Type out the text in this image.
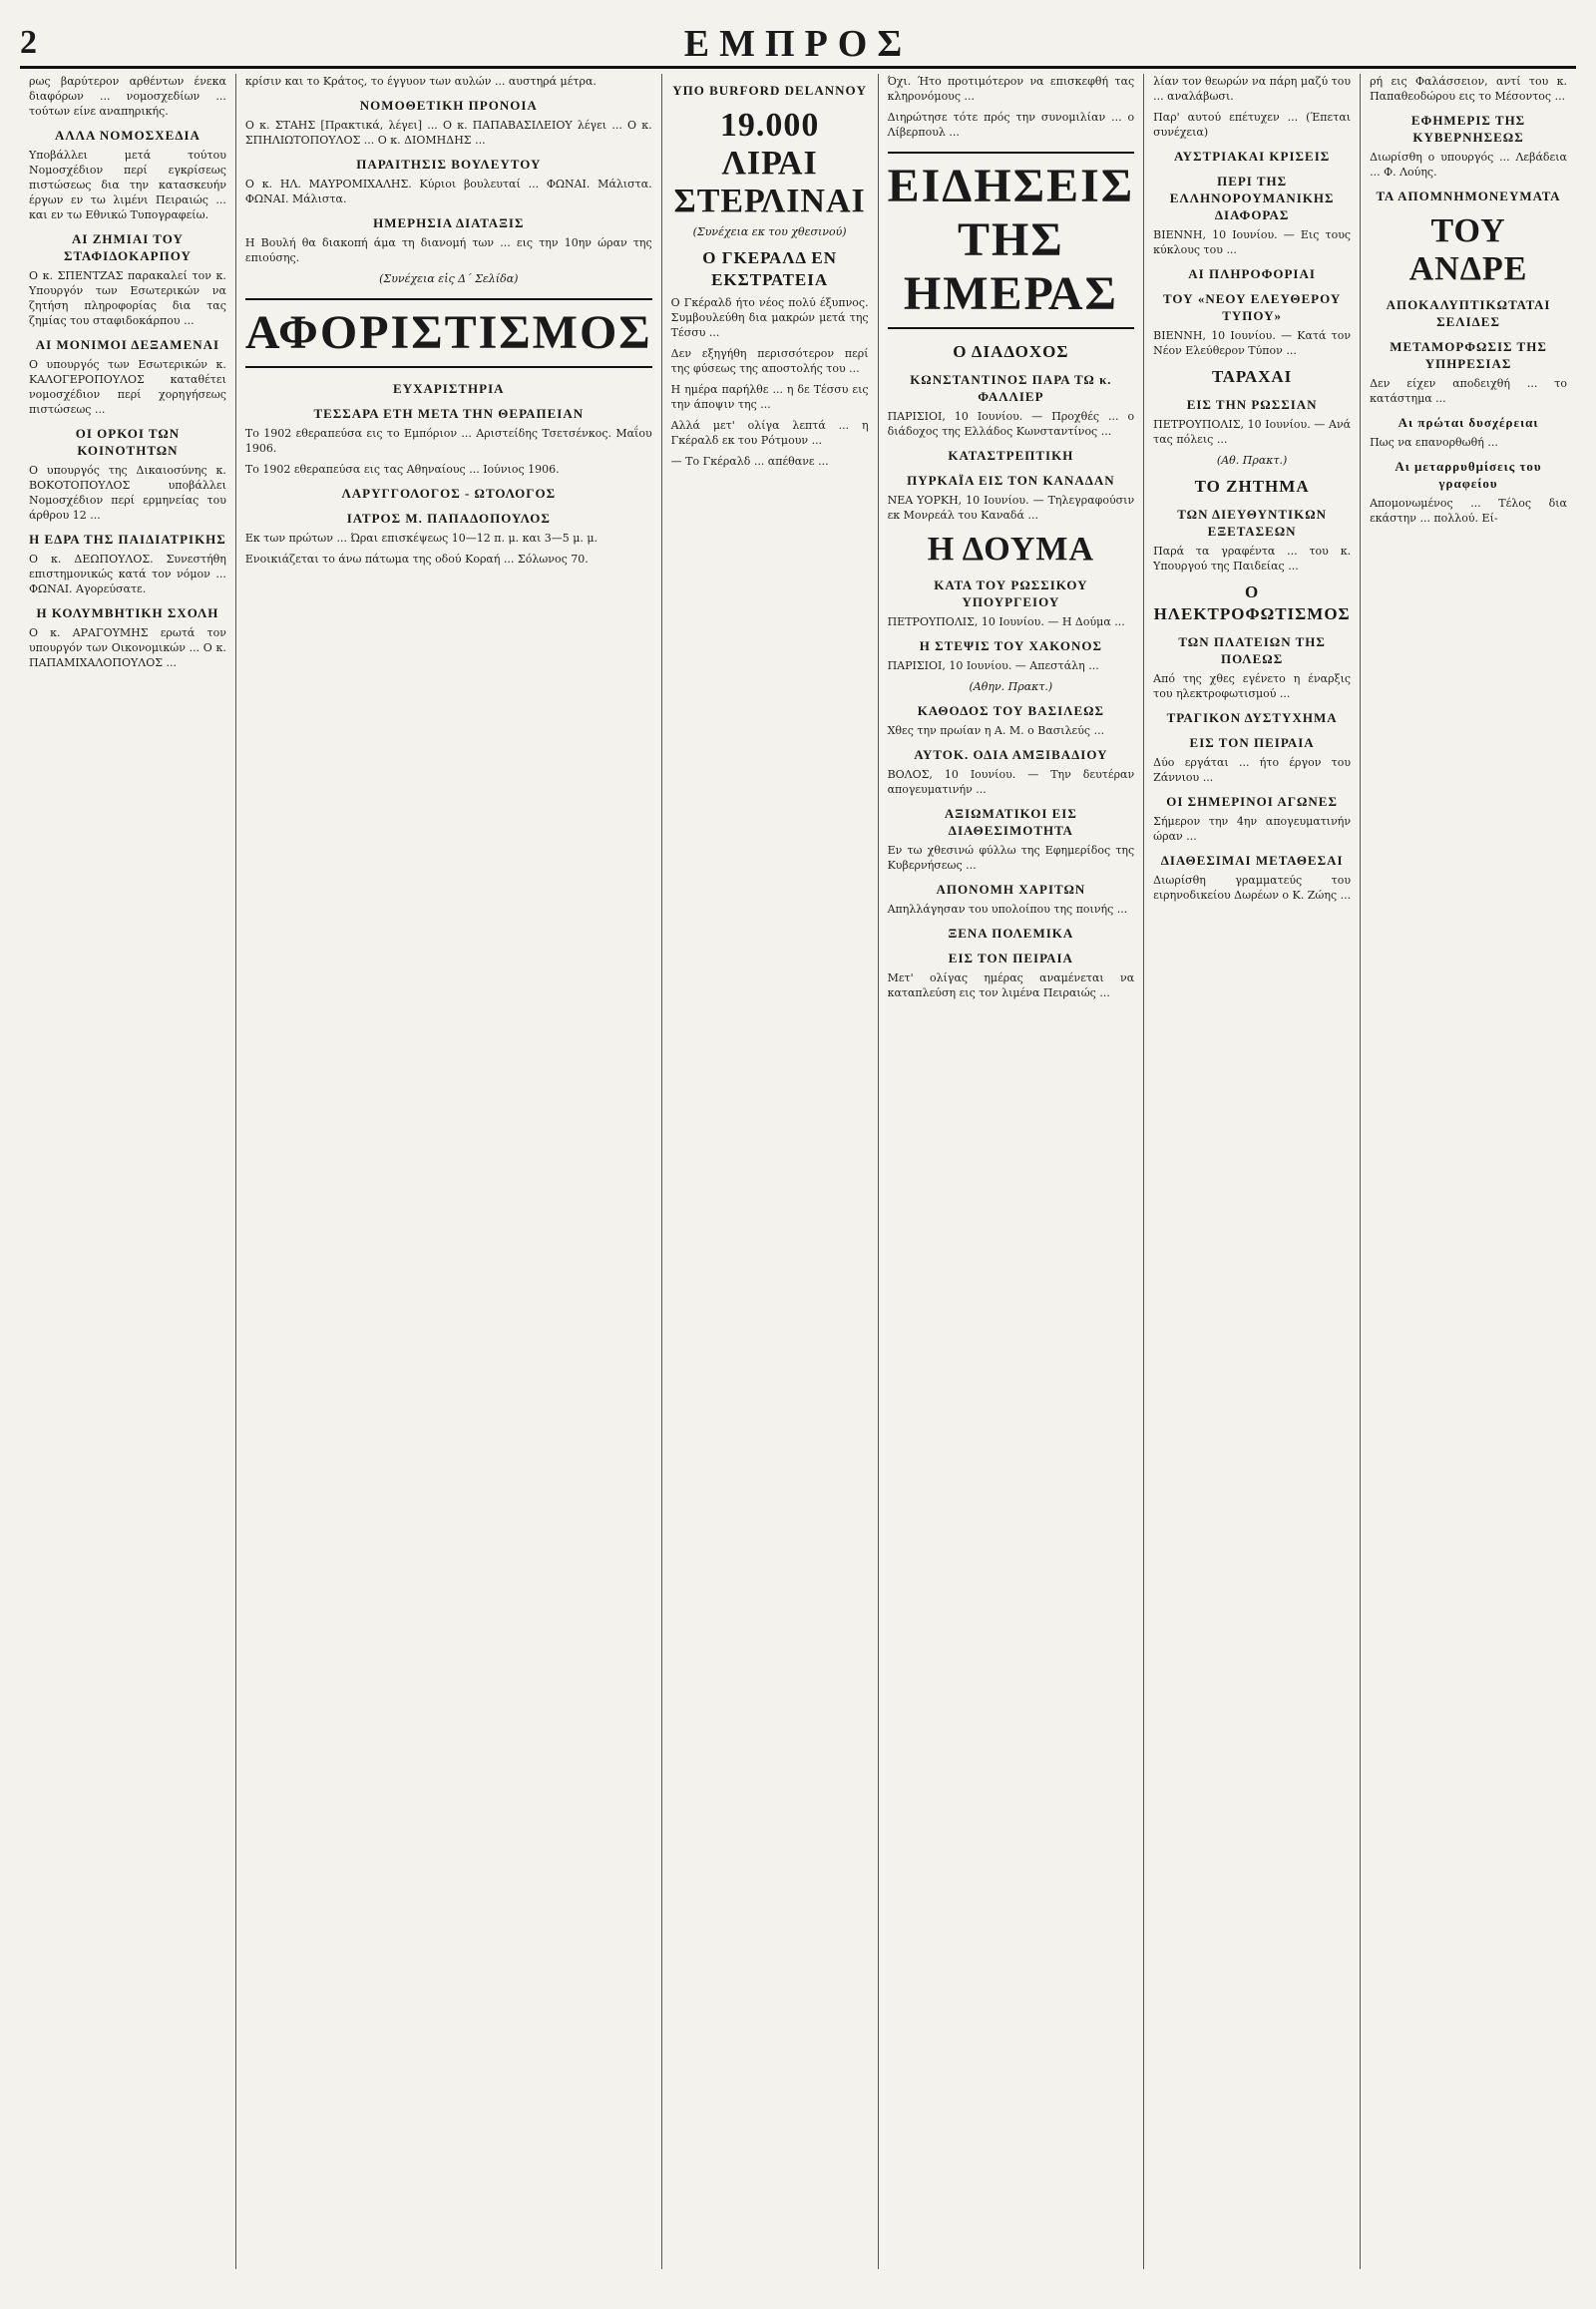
2	ΕΜΠΡΟΣ

ρως βαρύτερον αρθέντων ένεκα διαφόρων ... νομοσχεδίων ... τούτων είνε αναπηρικής.

ΑΛΛΑ ΝΟΜΟΣΧΕΔΙΑ

Υποβάλλει μετά τούτου Νομοσχέδιον περί εγκρίσεως πιστώσεως δια την κατασκευήν έργων εν τω λιμένι Πειραιώς ... και εν τω Εθνικώ Τυπογραφείω.

ΑΙ ΖΗΜΙΑΙ ΤΟΥ ΣΤΑΦΙΔΟΚΑΡΠΟΥ

Ο κ. ΣΠΕΝΤΖΑΣ παρακαλεί τον κ. Υπουργόν των Εσωτερικών να ζητήση πληροφορίας δια τας ζημίας του σταφιδοκάρπου ...

ΑΙ ΜΟΝΙΜΟΙ ΔΕΞΑΜΕΝΑΙ

Ο υπουργός των Εσωτερικών κ. ΚΑΛΟΓΕΡΟΠΟΥΛΟΣ καταθέτει νομοσχέδιον περί χορηγήσεως πιστώσεως ...

ΟΙ ΟΡΚΟΙ ΤΩΝ ΚΟΙΝΟΤΗΤΩΝ

Ο υπουργός της Δικαιοσύνης κ. ΒΟΚΟΤΟΠΟΥΛΟΣ υποβάλλει Νομοσχέδιον περί ερμηνείας του άρθρου 12 ...

Η ΕΔΡΑ ΤΗΣ ΠΑΙΔΙΑΤΡΙΚΗΣ

Ο κ. ΔΕΩΠΟΥΛΟΣ. Συνεστήθη επιστημονικώς κατά τον νόμον ... ΦΩΝΑΙ. Αγορεύσατε.

Η ΚΟΛΥΜΒΗΤΙΚΗ ΣΧΟΛΗ

Ο κ. ΑΡΑΓΟΥΜΗΣ ερωτά τον υπουργόν των Οικονομικών ... Ο κ. ΠΑΠΑΜΙΧΑΛΟΠΟΥΛΟΣ ...

κρίσιν και το Κράτος, το έγγυον των αυλών ... αυστηρά μέτρα.

ΝΟΜΟΘΕΤΙΚΗ ΠΡΟΝΟΙΑ

Ο κ. ΣΤΑΗΣ [Πρακτικά, λέγει] ... Ο κ. ΠΑΠΑΒΑΣΙΛΕΙΟΥ λέγει ... Ο κ. ΣΠΗΛΙΩΤΟΠΟΥΛΟΣ ... Ο κ. ΔΙΟΜΗΔΗΣ ...

ΠΑΡΑΙΤΗΣΙΣ ΒΟΥΛΕΥΤΟΥ

Ο κ. ΗΛ. ΜΑΥΡΟΜΙΧΑΛΗΣ. Κύριοι βουλευταί ... ΦΩΝΑΙ. Μάλιστα. ΦΩΝΑΙ. Μάλιστα.

ΗΜΕΡΗΣΙΑ ΔΙΑΤΑΞΙΣ

Η Βουλή θα διακοπή άμα τη διανομή των ... εις την 10ην ώραν της επιούσης.

(Συνέχεια εἰς Δ΄ Σελίδα)
ΑΦΟΡΙΣΤΙΣΜΟΣ
ΕΥΧΑΡΙΣΤΗΡΙΑ
ΤΕΣΣΑΡΑ ΕΤΗ ΜΕΤΑ ΤΗΝ ΘΕΡΑΠΕΙΑΝ

Το 1902 εθεραπεύσα εις το Εμπόριον ... Αριστείδης Τσετσένκος. Μαΐου 1906.

Το 1902 εθεραπεύσα εις τας Αθηναίους ... Ιούνιος 1906.

ΛΑΡΥΓΓΟΛΟΓΟΣ - ΩΤΟΛΟΓΟΣ
ΙΑΤΡΟΣ Μ. ΠΑΠΑΔΟΠΟΥΛΟΣ

Εκ των πρώτων ... Ώραι επισκέψεως 10—12 π. μ. και 3—5 μ. μ.

Ενοικιάζεται το άνω πάτωμα της οδού Κοραή ... Σόλωνος 70.

ΥΠΟ BURFORD DELANNOY
19.000 ΛΙΡΑΙ ΣΤΕΡΛΙΝΑΙ
(Συνέχεια εκ του χθεσινού)
Ο ΓΚΕΡΑΛΔ ΕΝ ΕΚΣΤΡΑΤΕΙΑ

Ο Γκέραλδ ήτο νέος πολύ έξυπνος. Συμβουλεύθη δια μακρών μετά της Τέσσυ ...

Δεν εξηγήθη περισσότερον περί της φύσεως της αποστολής του ...

Η ημέρα παρήλθε ... η δε Τέσσυ εις την άποψιν της ...

Αλλά μετ' ολίγα λεπτά ... η Γκέραλδ εκ του Ρότμουν ...

— Το Γκέραλδ ... απέθανε ...

Όχι. Ήτο προτιμότερον να επισκεφθή τας κληρονόμους ...

Διηρώτησε τότε πρός την συνομιλίαν ... ο Λίβερπουλ ...

ΕΙΔΗΣΕΙΣ ΤΗΣ ΗΜΕΡΑΣ
Ο ΔΙΑΔΟΧΟΣ
ΚΩΝΣΤΑΝΤΙΝΟΣ ΠΑΡΑ ΤΩ κ. ΦΑΛΛΙΕΡ

ΠΑΡΙΣΙΟΙ, 10 Ιουνίου. — Προχθές ... ο διάδοχος της Ελλάδος Κωνσταντίνος ...

ΚΑΤΑΣΤΡΕΠΤΙΚΗ
ΠΥΡΚΑΪΑ ΕΙΣ ΤΟΝ ΚΑΝΑΔΑΝ

ΝΕΑ ΥΟΡΚΗ, 10 Ιουνίου. — Τηλεγραφούσιν εκ Μονρεάλ του Καναδά ...

Η ΔΟΥΜΑ
ΚΑΤΑ ΤΟΥ ΡΩΣΣΙΚΟΥ ΥΠΟΥΡΓΕΙΟΥ

ΠΕΤΡΟΥΠΟΛΙΣ, 10 Ιουνίου. — Η Δούμα ...

Η ΣΤΕΨΙΣ ΤΟΥ ΧΑΚΟΝΟΣ

ΠΑΡΙΣΙΟΙ, 10 Ιουνίου. — Απεστάλη ...

(Αθην. Πρακτ.)
ΚΑΘΟΔΟΣ ΤΟΥ ΒΑΣΙΛΕΩΣ

Χθες την πρωίαν η Α. Μ. ο Βασιλεύς ...

ΑΥΤΟΚ. ΟΔΙΑ ΑΜΞΙΒΑΔΙΟΥ

ΒΟΛΟΣ, 10 Ιουνίου. — Την δευτέραν απογευματινήν ...

ΑΞΙΩΜΑΤΙΚΟΙ ΕΙΣ ΔΙΑΘΕΣΙΜΟΤΗΤΑ

Εν τω χθεσινώ φύλλω της Εφημερίδος της Κυβερνήσεως ...

ΑΠΟΝΟΜΗ ΧΑΡΙΤΩΝ

Απηλλάγησαν του υπολοίπου της ποινής ...

ΞΕΝΑ ΠΟΛΕΜΙΚΑ
ΕΙΣ ΤΟΝ ΠΕΙΡΑΙΑ

Μετ' ολίγας ημέρας αναμένεται να καταπλεύση εις τον λιμένα Πειραιώς ...

λίαν τον θεωρών να πάρη μαζύ του ... αναλάβωσι.

Παρ' αυτού επέτυχεν ... (Έπεται συνέχεια)

ΑΥΣΤΡΙΑΚΑΙ ΚΡΙΣΕΙΣ
ΠΕΡΙ ΤΗΣ ΕΛΛΗΝΟΡΟΥΜΑΝΙΚΗΣ ΔΙΑΦΟΡΑΣ

ΒΙΕΝΝΗ, 10 Ιουνίου. — Εις τους κύκλους του ...

ΑΙ ΠΛΗΡΟΦΟΡΙΑΙ
ΤΟΥ «ΝΕΟΥ ΕΛΕΥΘΕΡΟΥ ΤΥΠΟΥ»

ΒΙΕΝΝΗ, 10 Ιουνίου. — Κατά τον Νέον Ελεύθερον Τύπον ...

ΤΑΡΑΧΑΙ
ΕΙΣ ΤΗΝ ΡΩΣΣΙΑΝ

ΠΕΤΡΟΥΠΟΛΙΣ, 10 Ιουνίου. — Ανά τας πόλεις ...

(Αθ. Πρακτ.)
ΤΟ ΖΗΤΗΜΑ
ΤΩΝ ΔΙΕΥΘΥΝΤΙΚΩΝ ΕΞΕΤΑΣΕΩΝ

Παρά τα γραφέντα ... του κ. Υπουργού της Παιδείας ...

Ο ΗΛΕΚΤΡΟΦΩΤΙΣΜΟΣ
ΤΩΝ ΠΛΑΤΕΙΩΝ ΤΗΣ ΠΟΛΕΩΣ

Από της χθες εγένετο η έναρξις του ηλεκτροφωτισμού ...

ΤΡΑΓΙΚΟΝ ΔΥΣΤΥΧΗΜΑ
ΕΙΣ ΤΟΝ ΠΕΙΡΑΙΑ

Δύο εργάται ... ήτο έργον του Ζάννιου ...

ΟΙ ΣΗΜΕΡΙΝΟΙ ΑΓΩΝΕΣ

Σήμερον την 4ην απογευματινήν ώραν ...

ΔΙΑΘΕΣΙΜΑΙ ΜΕΤΑΘΕΣΑΙ

Διωρίσθη γραμματεύς του ειρηνοδικείου Δωρέων ο Κ. Ζώης ...

ρή εις Φαλάσσειον, αντί του κ. Παπαθεοδώρου εις το Μέσοντος ...

ΕΦΗΜΕΡΙΣ ΤΗΣ ΚΥΒΕΡΝΗΣΕΩΣ

Διωρίσθη ο υπουργός ... Λεβάδεια ... Φ. Λούης.

ΤΑ ΑΠΟΜΝΗΜΟΝΕΥΜΑΤΑ
ΤΟΥ ΑΝΔΡΕ
ΑΠΟΚΑΛΥΠΤΙΚΩΤΑΤΑΙ ΣΕΛΙΔΕΣ
ΜΕΤΑΜΟΡΦΩΣΙΣ ΤΗΣ ΥΠΗΡΕΣΙΑΣ

Δεν είχεν αποδειχθή ... το κατάστημα ...

Αι πρώται δυσχέρειαι

Πως να επανορθωθή ...

Αι μεταρρυθμίσεις του γραφείου

Απομονωμένος ... Τέλος δια εκάστην ... πολλού. Εί-
